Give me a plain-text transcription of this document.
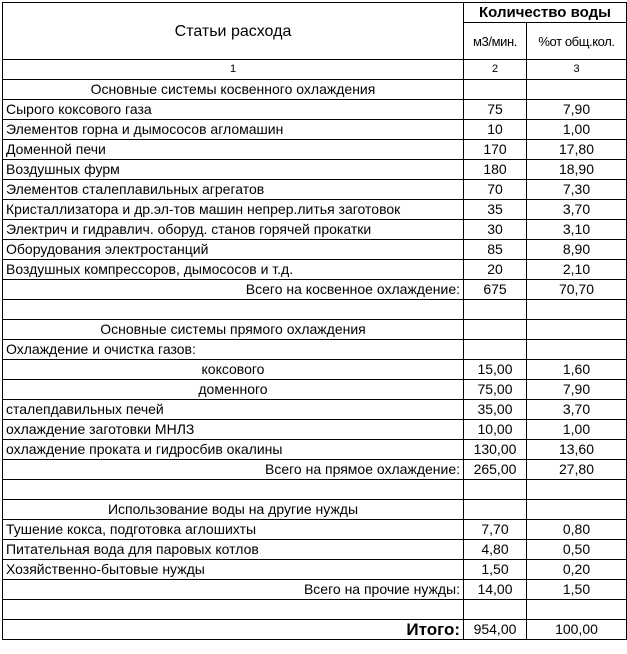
Статьи расхода	Количество воды	
	м3/мин.	%от общ.кол.
1	2	3
Основные системы косвенного охлаждения		
Сырого коксового газа	75	7,90
Элементов горна и дымососов агломашин	10	1,00
Доменной печи	170	17,80
Воздушных фурм	180	18,90
Элементов сталеплавильных агрегатов	70	7,30
Кристаллизатора и др.эл-тов машин непрер.литья заготовок	35	3,70
Электрич и гидравлич. оборуд. станов горячей прокатки	30	3,10
Оборудования электростанций	85	8,90
Воздушных компрессоров, дымососов и т.д.	20	2,10
Всего на косвенное охлаждение:	675	70,70

Основные системы прямого охлаждения		
Охлаждение и очистка газов:		
коксового	15,00	1,60
доменного	75,00	7,90
сталепдавильных печей	35,00	3,70
охлаждение заготовки МНЛЗ	10,00	1,00
охлаждение проката и гидросбив окалины	130,00	13,60
Всего на прямое охлаждение:	265,00	27,80

Использование воды на другие нужды		
Тушение кокса, подготовка аглошихты	7,70	0,80
Питательная вода для паровых котлов	4,80	0,50
Хозяйственно-бытовые нужды	1,50	0,20
Всего на прочие нужды:	14,00	1,50

Итого:	954,00	100,00
